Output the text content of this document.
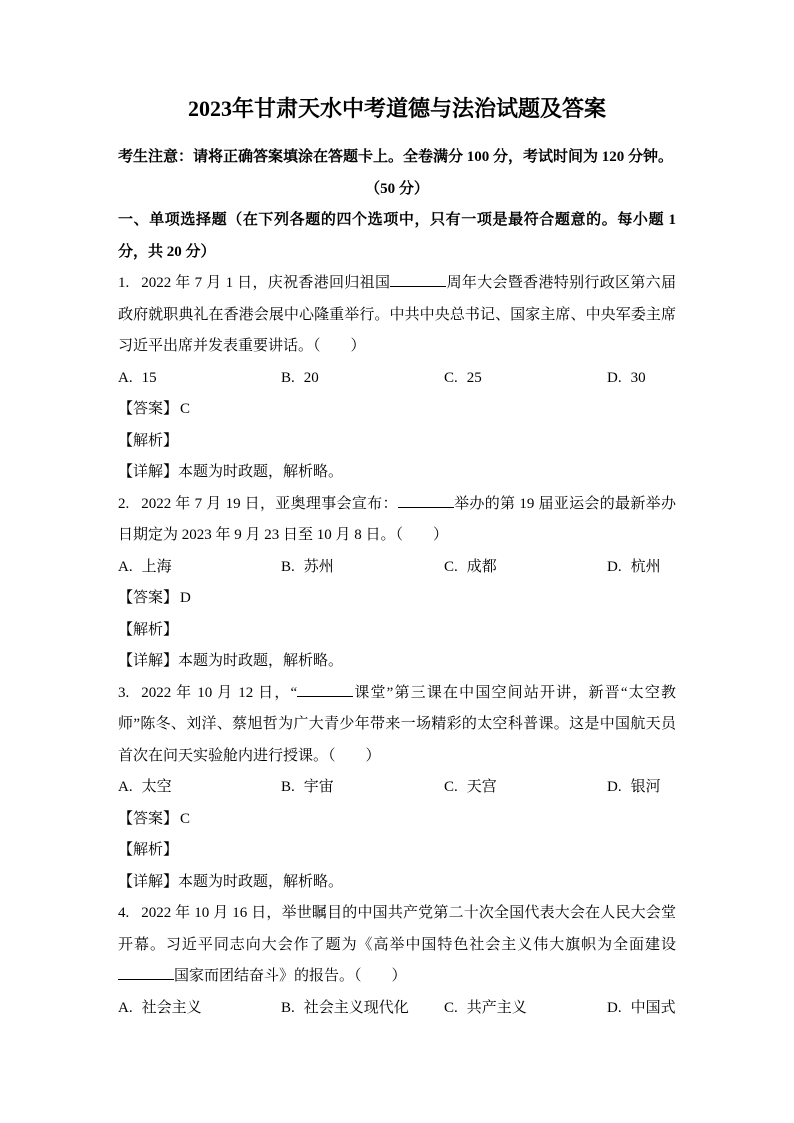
2023年甘肃天水中考道德与法治试题及答案

考生注意：请将正确答案填涂在答题卡上。全卷满分 100 分，考试时间为 120 分钟。

（50 分）

一、单项选择题（在下列各题的四个选项中，只有一项是最符合题意的。每小题 1 分，共 20 分）

1. 2022 年 7 月 1 日，庆祝香港回归祖国	周年大会暨香港特别行政区第六届政府就职典礼在香港会展中心隆重举行。中共中央总书记、国家主席、中央军委主席习近平出席并发表重要讲话。（　　）

A. 15	B. 20	C. 25	D. 30

【答案】 C

【解析】

【详解】本题为时政题，解析略。

2. 2022 年 7 月 19 日，亚奥理事会宣布：	举办的第 19 届亚运会的最新举办日期定为 2023 年 9 月 23 日至 10 月 8 日。（　　）

A. 上海	B. 苏州	C. 成都	D. 杭州

【答案】 D

【解析】

【详解】本题为时政题，解析略。

3. 2022 年 10 月 12 日，“	课堂”第三课在中国空间站开讲，新晋“太空教师”陈冬、刘洋、蔡旭哲为广大青少年带来一场精彩的太空科普课。这是中国航天员首次在问天实验舱内进行授课。（　　）

A. 太空	B. 宇宙	C. 天宫	D. 银河

【答案】 C

【解析】

【详解】本题为时政题，解析略。

4. 2022 年 10 月 16 日，举世瞩目的中国共产党第二十次全国代表大会在人民大会堂开幕。习近平同志向大会作了题为《高举中国特色社会主义伟大旗帜为全面建设国家而团结奋斗》的报告。（　　）

A. 社会主义	B. 社会主义现代化	C. 共产主义	D. 中国式
